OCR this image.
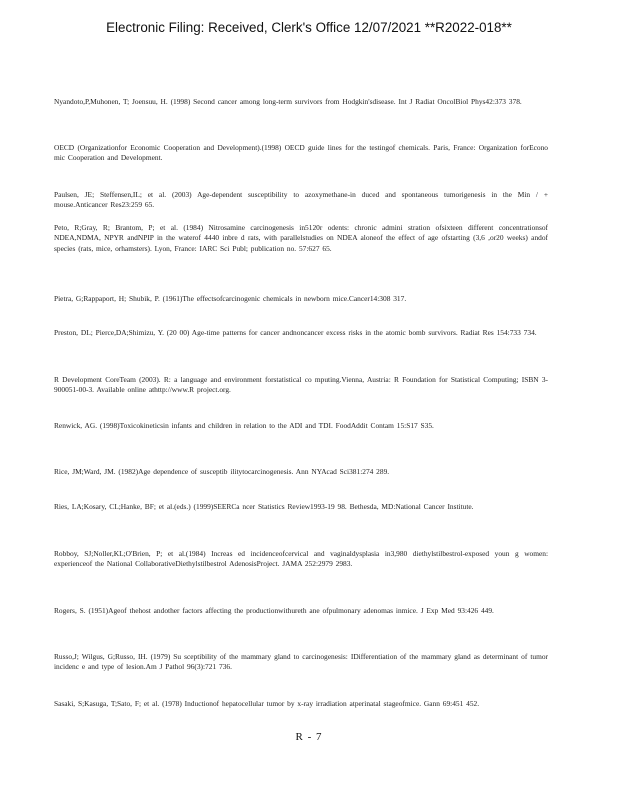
Electronic Filing: Received, Clerk's Office 12/07/2021 **R2022-018**
Nyandoto,P,Muhonen, T; Joensuu, H. (1998) Second cancer among long-term survivors from Hodgkin'sdisease. Int J Radiat OncolBiol Phys42:373 378.
OECD (Organizationfor Economic Cooperation and Development).(1998) OECD guide lines for the testingof chemicals. Paris, France: Organization forEcono mic Cooperation and Development.
Paulsen, JE; Steffensen,IL; et al. (2003) Age-dependent susceptibility to azoxymethane-in duced and spontaneous tumorigenesis in the Min / + mouse.Anticancer Res23:259 65.
Peto, R;Gray, R; Brantom, P; et al. (1984) Nitrosamine carcinogenesis in5120r odents: chronic admini stration ofsixteen different concentrationsof NDEA,NDMA, NPYR andNPIP in the waterof 4440 inbre d rats, with parallelstudies on NDEA aloneof the effect of age ofstarting (3,6 ,or20 weeks) andof species (rats, mice, orhamsters). Lyon, France: IARC Sci Publ; publication no. 57:627 65.
Pietra, G;Rappaport, H; Shubik, P. (1961)The effectsofcarcinogenic chemicals in newborn mice.Cancer14:308 317.
Preston, DL; Pierce,DA;Shimizu, Y. (20 00) Age-time patterns for cancer andnoncancer excess risks in the atomic bomb survivors. Radiat Res 154:733 734.
R Development CoreTeam (2003). R: a language and environment forstatistical co mputing.Vienna, Austria: R Foundation for Statistical Computing; ISBN 3-900051-00-3. Available online athttp://www.R project.org.
Renwick, AG. (1998)Toxicokineticsin infants and children in relation to the ADI and TDI. FoodAddit Contam 15:S17 S35.
Rice, JM;Ward, JM. (1982)Age dependence of susceptib ilitytocarcinogenesis. Ann NYAcad Sci381:274 289.
Ries, LA;Kosary, CL;Hanke, BF; et al.(eds.) (1999)SEERCa ncer Statistics Review1993-19 98. Bethesda, MD:National Cancer Institute.
Robboy, SJ;Noller,KL;O'Brien, P; et al.(1984) Increas ed incidenceofcervical and vaginaldysplasia in3,980 diethylstilbestrol-exposed youn g women: experienceof the National CollaborativeDiethylstilbestrol AdenosisProject. JAMA 252:2979 2983.
Rogers, S. (1951)Ageof thehost andother factors affecting the productionwithureth ane ofpulmonary adenomas inmice. J Exp Med 93:426 449.
Russo,J; Wilgus, G;Russo, IH. (1979) Su sceptibility of the mammary gland to carcinogenesis: IDifferentiation of the mammary gland as determinant of tumor incidenc e and type of lesion.Am J Pathol 96(3):721 736.
Sasaki, S;Kasuga, T;Sato, F; et al. (1978) Inductionof hepatocellular tumor by x-ray irradiation atperinatal stageofmice. Gann 69:451 452.
R - 7
